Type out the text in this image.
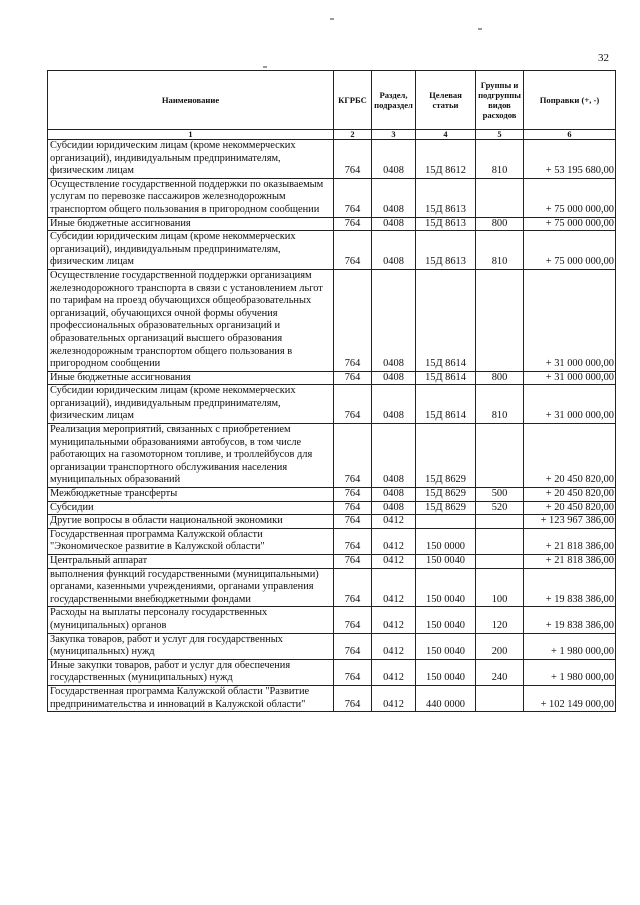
32
Наименование	КГРБС	Раздел, подраздел	Целевая статьи	Группы и подгруппы видов расходов	Поправки (+, -)
1	2	3	4	5	6
Субсидии юридическим лицам (кроме некоммерческих организаций), индивидуальным предпринимателям, физическим лицам	764	0408	15Д 8612	810	+ 53 195 680,00
Осуществление государственной поддержки по оказываемым услугам по перевозке пассажиров железнодорожным транспортом общего пользования в пригородном сообщении	764	0408	15Д 8613		+ 75 000 000,00
Иные бюджетные ассигнования	764	0408	15Д 8613	800	+ 75 000 000,00
Субсидии юридическим лицам (кроме некоммерческих организаций), индивидуальным предпринимателям, физическим лицам	764	0408	15Д 8613	810	+ 75 000 000,00
Осуществление государственной поддержки организациям железнодорожного транспорта в связи с установлением льгот по тарифам на проезд обучающихся общеобразовательных организаций, обучающихся очной формы обучения профессиональных образовательных организаций и образовательных организаций высшего образования железнодорожным транспортом общего пользования в пригородном сообщении	764	0408	15Д 8614		+ 31 000 000,00
Иные бюджетные ассигнования	764	0408	15Д 8614	800	+ 31 000 000,00
Субсидии юридическим лицам (кроме некоммерческих организаций), индивидуальным предпринимателям, физическим лицам	764	0408	15Д 8614	810	+ 31 000 000,00
Реализация мероприятий, связанных с приобретением муниципальными образованиями автобусов, в том числе работающих на газомоторном топливе, и троллейбусов для организации транспортного обслуживания населения муниципальных образований	764	0408	15Д 8629		+ 20 450 820,00
Межбюджетные трансферты	764	0408	15Д 8629	500	+ 20 450 820,00
Субсидии	764	0408	15Д 8629	520	+ 20 450 820,00
Другие вопросы в области национальной экономики	764	0412			+ 123 967 386,00
Государственная программа Калужской области "Экономическое развитие в Калужской области"	764	0412	150 0000		+ 21 818 386,00
Центральный аппарат	764	0412	150 0040		+ 21 818 386,00
выполнения функций государственными (муниципальными) органами, казенными учреждениями, органами управления государственными внебюджетными фондами	764	0412	150 0040	100	+ 19 838 386,00
Расходы на выплаты персоналу государственных (муниципальных) органов	764	0412	150 0040	120	+ 19 838 386,00
Закупка товаров, работ и услуг для государственных (муниципальных) нужд	764	0412	150 0040	200	+ 1 980 000,00
Иные закупки товаров, работ и услуг для обеспечения государственных (муниципальных) нужд	764	0412	150 0040	240	+ 1 980 000,00
Государственная программа Калужской области "Развитие предпринимательства и инноваций в Калужской области"	764	0412	440 0000		+ 102 149 000,00
